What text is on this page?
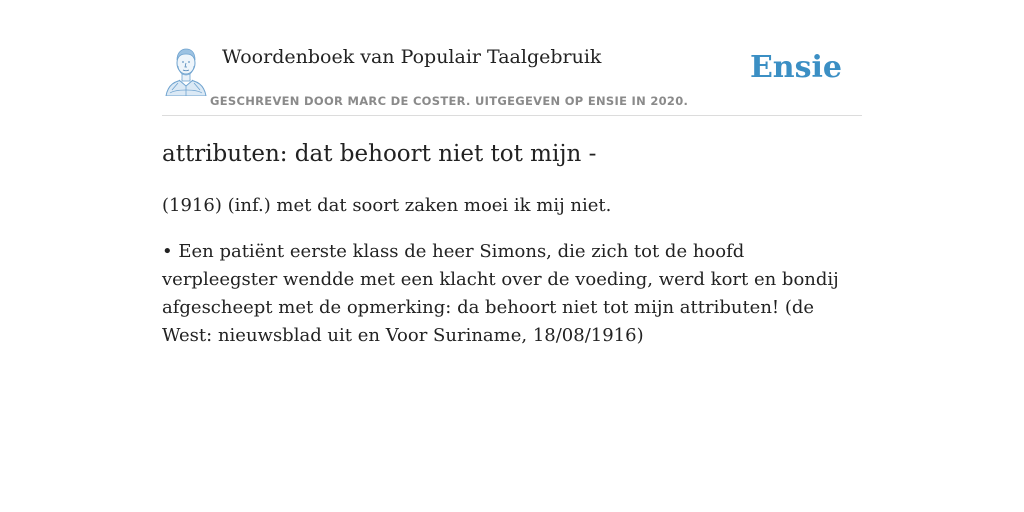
Woordenboek van Populair Taalgebruik
GESCHREVEN DOOR MARC DE COSTER. UITGEGEVEN OP ENSIE IN 2020.
Ensie
attributen: dat behoort niet tot mijn -

(1916) (inf.) met dat soort zaken moei ik mij niet.

• Een patiënt eerste klass de heer Simons, die zich tot de hoofd verpleegster wendde met een klacht over de voeding, werd kort en bondij afgescheept met de opmerking: da behoort niet tot mijn attributen! (de West: nieuwsblad uit en Voor Suriname, 18/08/1916)
